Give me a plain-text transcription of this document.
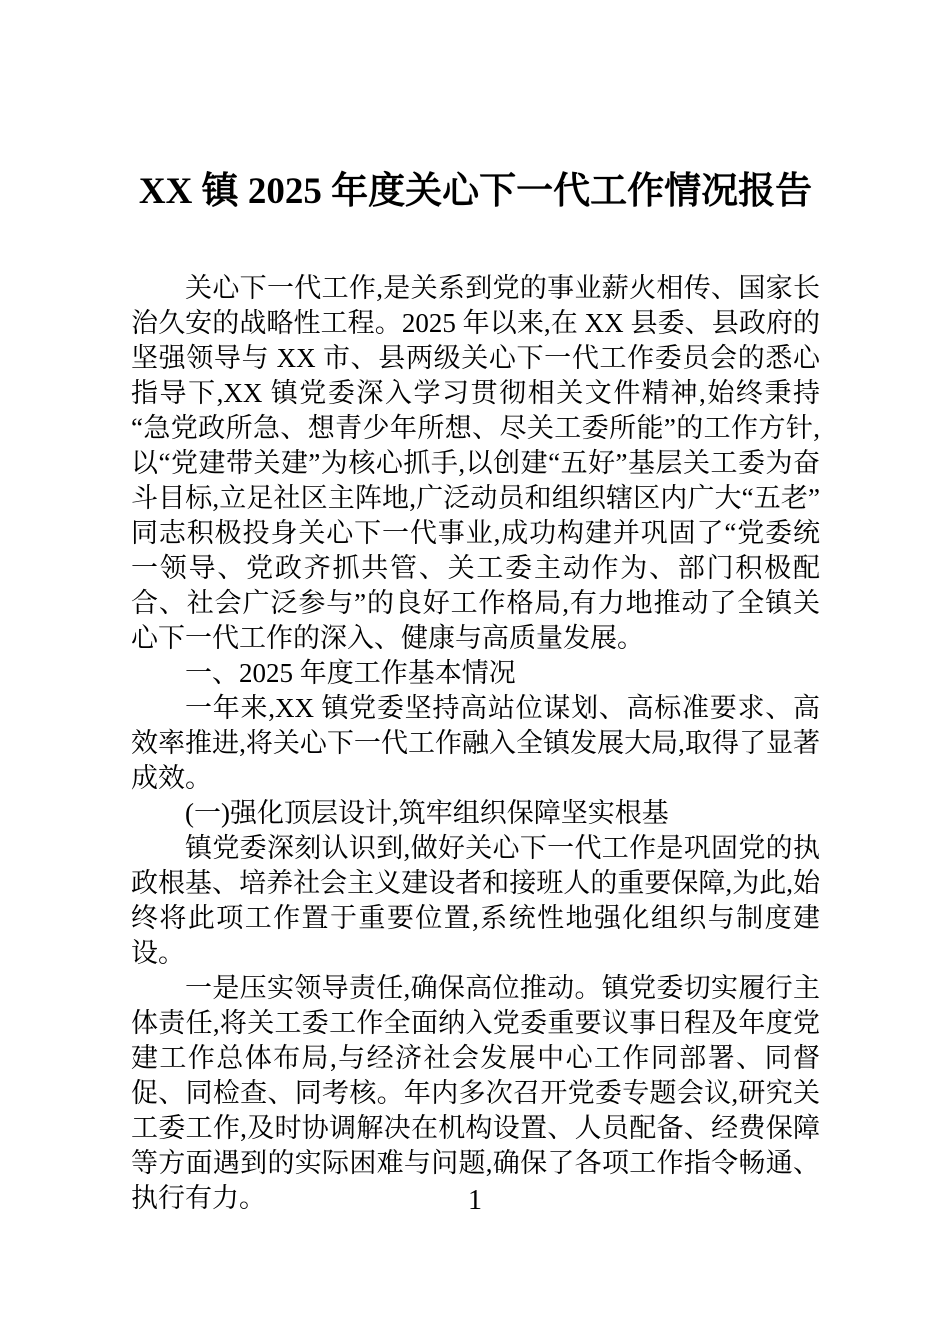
XX 镇 2025 年度关心下一代工作情况报告

关心下一代工作,是关系到党的事业薪火相传、国家长治久安的战略性工程。2025 年以来,在 XX 县委、县政府的坚强领导与 XX 市、县两级关心下一代工作委员会的悉心指导下,XX 镇党委深入学习贯彻相关文件精神,始终秉持“急党政所急、想青少年所想、尽关工委所能”的工作方针,以“党建带关建”为核心抓手,以创建“五好”基层关工委为奋斗目标,立足社区主阵地,广泛动员和组织辖区内广大“五老”同志积极投身关心下一代事业,成功构建并巩固了“党委统一领导、党政齐抓共管、关工委主动作为、部门积极配合、社会广泛参与”的良好工作格局,有力地推动了全镇关心下一代工作的深入、健康与高质量发展。

一、2025 年度工作基本情况

一年来,XX 镇党委坚持高站位谋划、高标准要求、高效率推进,将关心下一代工作融入全镇发展大局,取得了显著成效。

(一)强化顶层设计,筑牢组织保障坚实根基

镇党委深刻认识到,做好关心下一代工作是巩固党的执政根基、培养社会主义建设者和接班人的重要保障,为此,始终将此项工作置于重要位置,系统性地强化组织与制度建设。

一是压实领导责任,确保高位推动。镇党委切实履行主体责任,将关工委工作全面纳入党委重要议事日程及年度党建工作总体布局,与经济社会发展中心工作同部署、同督促、同检查、同考核。年内多次召开党委专题会议,研究关工委工作,及时协调解决在机构设置、人员配备、经费保障等方面遇到的实际困难与问题,确保了各项工作指令畅通、执行有力。	1
